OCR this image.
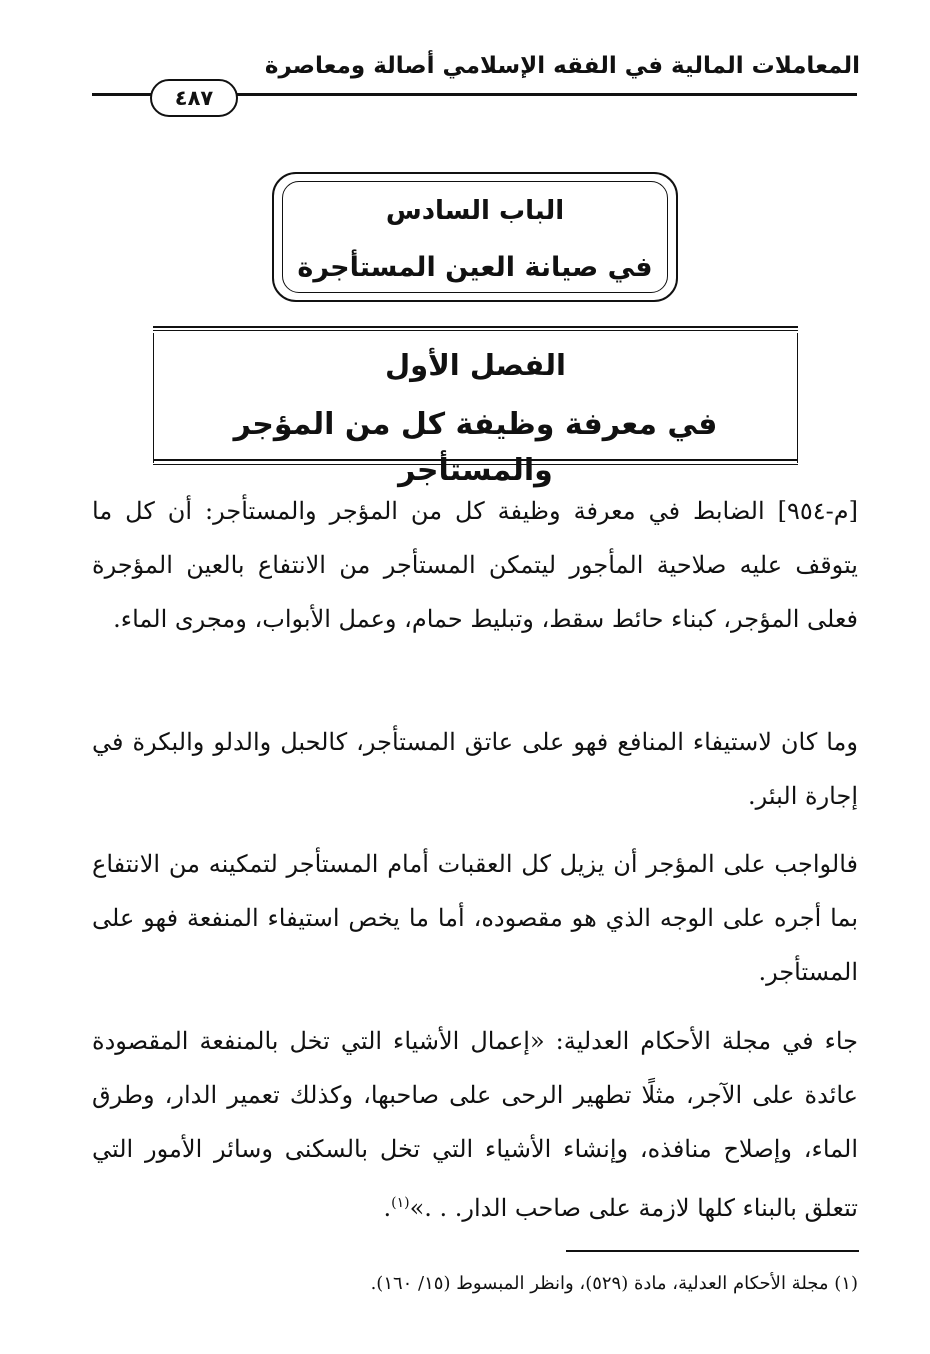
المعاملات المالية في الفقه الإسلامي أصالة ومعاصرة
٤٨٧
الباب السادس
في صيانة العين المستأجرة
الفصل الأول
في معرفة وظيفة كل من المؤجر والمستأجر
[م-٩٥٤] الضابط في معرفة وظيفة كل من المؤجر والمستأجر: أن كل ما يتوقف عليه صلاحية المأجور ليتمكن المستأجر من الانتفاع بالعين المؤجرة فعلى المؤجر، كبناء حائط سقط، وتبليط حمام، وعمل الأبواب، ومجرى الماء.
وما كان لاستيفاء المنافع فهو على عاتق المستأجر، كالحبل والدلو والبكرة في إجارة البئر.
فالواجب على المؤجر أن يزيل كل العقبات أمام المستأجر لتمكينه من الانتفاع بما أجره على الوجه الذي هو مقصوده، أما ما يخص استيفاء المنفعة فهو على المستأجر.
جاء في مجلة الأحكام العدلية: «إعمال الأشياء التي تخل بالمنفعة المقصودة عائدة على الآجر، مثلًا تطهير الرحى على صاحبها، وكذلك تعمير الدار، وطرق الماء، وإصلاح منافذه، وإنشاء الأشياء التي تخل بالسكنى وسائر الأمور التي تتعلق بالبناء كلها لازمة على صاحب الدار. . .»$^{(١)}$.
(١) مجلة الأحكام العدلية، مادة (٥٢٩)، وانظر المبسوط (١٥/ ١٦٠).
